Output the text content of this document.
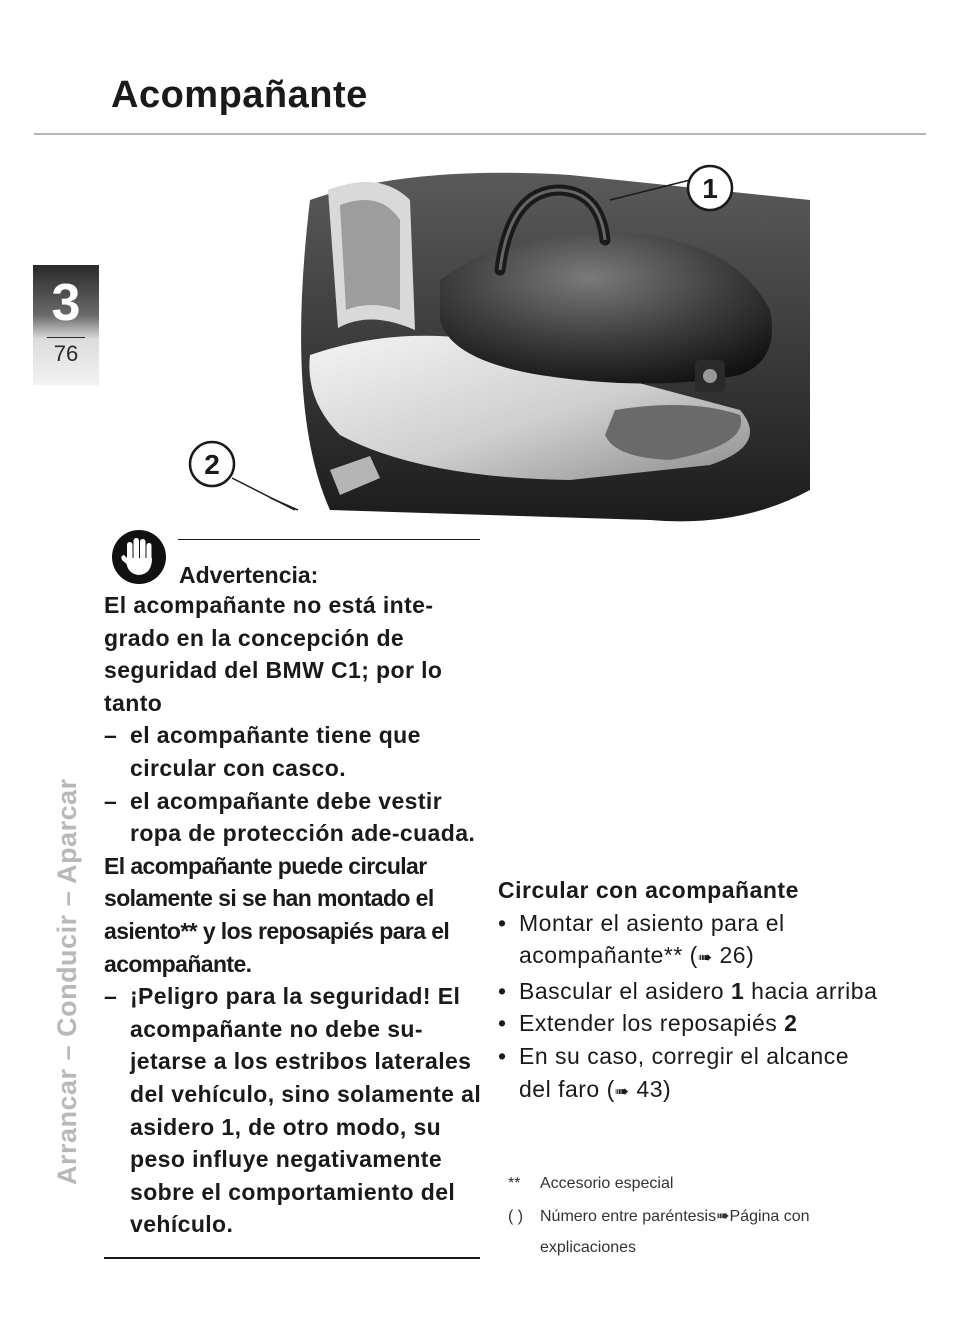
Acompañante
3
76
Arrancar – Conducir – Aparcar
1
2
Advertencia:

El acompañante no está inte-grado en la concepción de seguridad del BMW C1; por lo tanto

– el acompañante tiene que circular con casco.
– el acompañante debe vestir ropa de protección ade-cuada.

El acompañante puede circular solamente si se han montado el asiento** y los reposapiés para el acompañante.

– ¡Peligro para la seguridad! El acompañante no debe su-jetarse a los estribos laterales del vehículo, sino solamente al asidero 1, de otro modo, su peso influye negativamente sobre el comportamiento del vehículo.
Circular con acompañante
• Montar el asiento para el acompañante** (➠ 26)
• Bascular el asidero 1 hacia arriba
• Extender los reposapiés 2
• En su caso, corregir el alcance del faro (➠ 43)
**	Accesorio especial
( )	Número entre paréntesis➠Página con explicaciones
